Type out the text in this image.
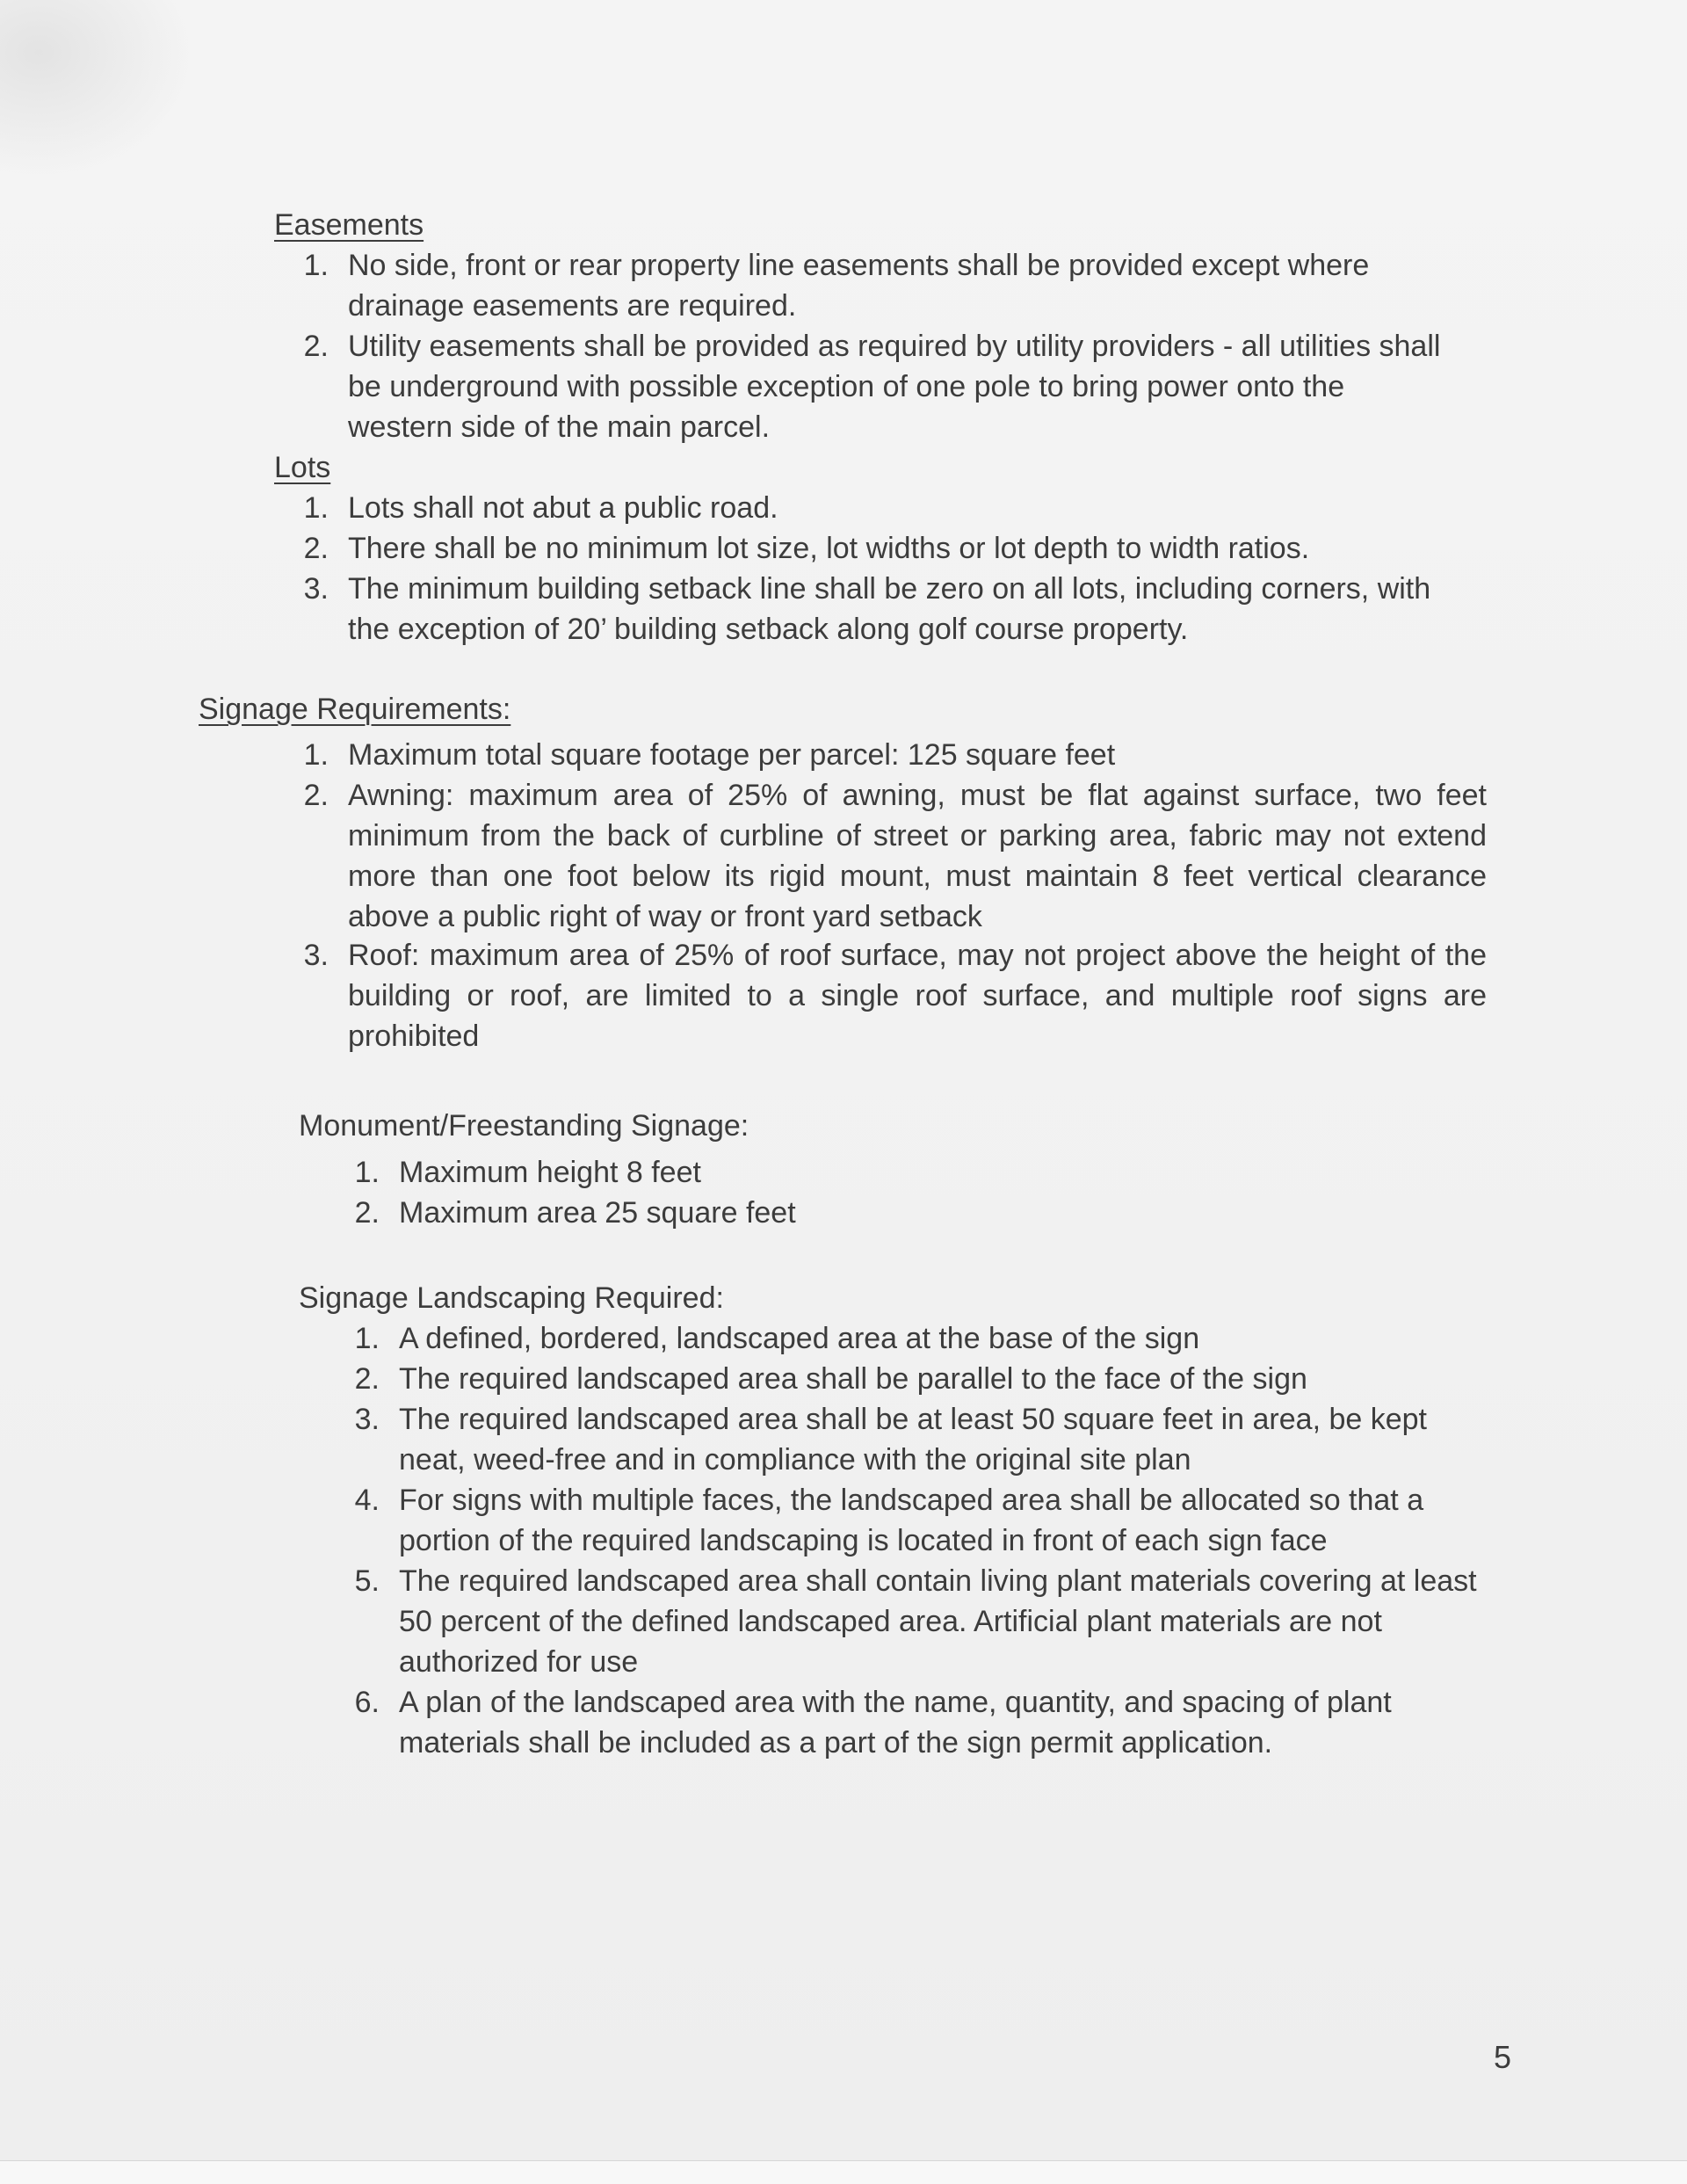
Easements
1. No side, front or rear property line easements shall be provided except where drainage easements are required.
2. Utility easements shall be provided as required by utility providers - all utilities shall be underground with possible exception of one pole to bring power onto the western side of the main parcel.
Lots
1. Lots shall not abut a public road.
2. There shall be no minimum lot size, lot widths or lot depth to width ratios.
3. The minimum building setback line shall be zero on all lots, including corners, with the exception of 20’ building setback along golf course property.
Signage Requirements:
1. Maximum total square footage per parcel: 125 square feet
2. Awning: maximum area of 25% of awning, must be flat against surface, two feet minimum from the back of curbline of street or parking area, fabric may not extend more than one foot below its rigid mount, must maintain 8 feet vertical clearance above a public right of way or front yard setback
3. Roof: maximum area of 25% of roof surface, may not project above the height of the building or roof, are limited to a single roof surface, and multiple roof signs are prohibited
Monument/Freestanding Signage:
1. Maximum height 8 feet
2. Maximum area 25 square feet
Signage Landscaping Required:
1. A defined, bordered, landscaped area at the base of the sign
2. The required landscaped area shall be parallel to the face of the sign
3. The required landscaped area shall be at least 50 square feet in area, be kept neat, weed-free and in compliance with the original site plan
4. For signs with multiple faces, the landscaped area shall be allocated so that a portion of the required landscaping is located in front of each sign face
5. The required landscaped area shall contain living plant materials covering at least 50 percent of the defined landscaped area. Artificial plant materials are not authorized for use
6. A plan of the landscaped area with the name, quantity, and spacing of plant materials shall be included as a part of the sign permit application.
5
